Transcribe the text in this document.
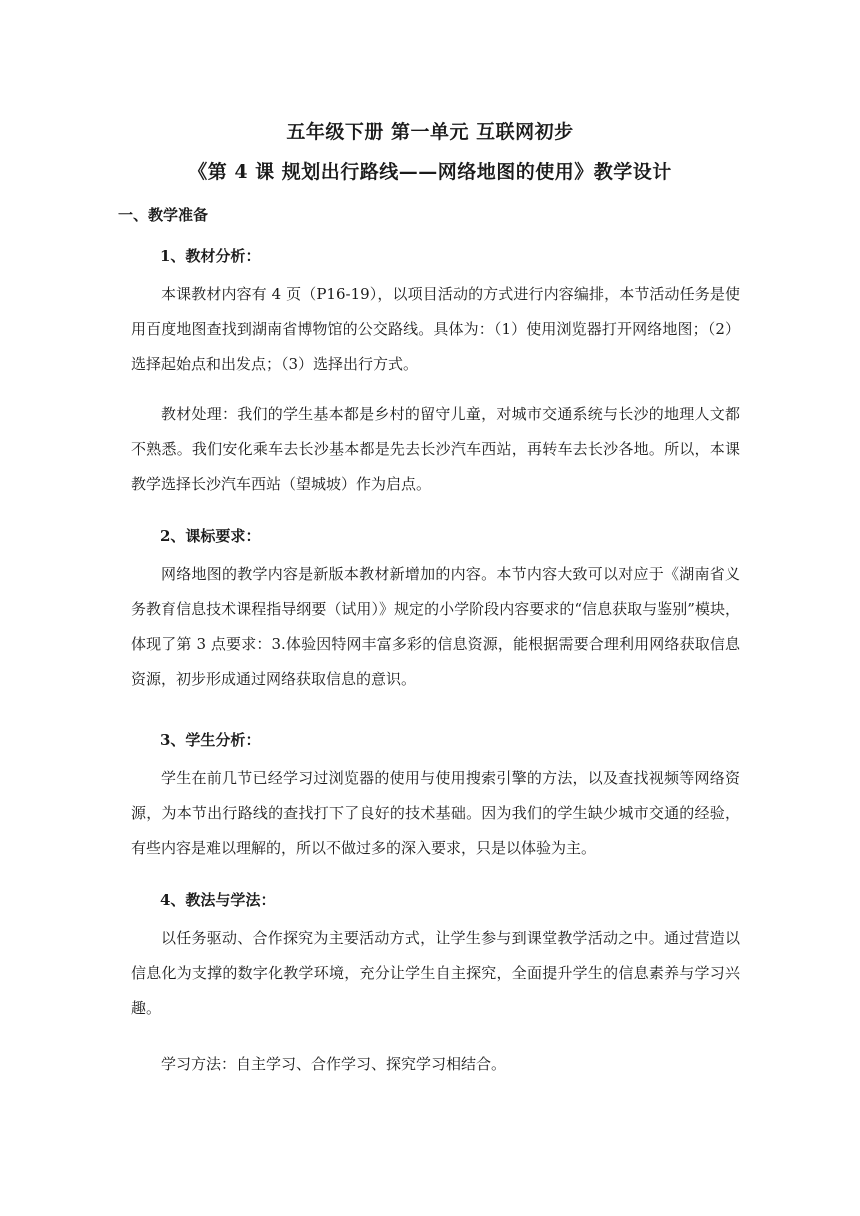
五年级下册 第一单元 互联网初步
《第 4 课 规划出行路线——网络地图的使用》教学设计
一、教学准备
1、教材分析：
本课教材内容有 4 页（P16-19），以项目活动的方式进行内容编排，本节活动任务是使用百度地图查找到湖南省博物馆的公交路线。具体为：（1）使用浏览器打开网络地图；（2）选择起始点和出发点；（3）选择出行方式。
教材处理：我们的学生基本都是乡村的留守儿童，对城市交通系统与长沙的地理人文都不熟悉。我们安化乘车去长沙基本都是先去长沙汽车西站，再转车去长沙各地。所以，本课教学选择长沙汽车西站（望城坡）作为启点。
2、课标要求：
网络地图的教学内容是新版本教材新增加的内容。本节内容大致可以对应于《湖南省义务教育信息技术课程指导纲要（试用）》规定的小学阶段内容要求的“信息获取与鉴别”模块，体现了第 3 点要求：3.体验因特网丰富多彩的信息资源，能根据需要合理利用网络获取信息资源，初步形成通过网络获取信息的意识。
3、学生分析：
学生在前几节已经学习过浏览器的使用与使用搜索引擎的方法，以及查找视频等网络资源，为本节出行路线的查找打下了良好的技术基础。因为我们的学生缺少城市交通的经验，有些内容是难以理解的，所以不做过多的深入要求，只是以体验为主。
4、教法与学法：
以任务驱动、合作探究为主要活动方式，让学生参与到课堂教学活动之中。通过营造以信息化为支撑的数字化教学环境，充分让学生自主探究，全面提升学生的信息素养与学习兴趣。
学习方法：自主学习、合作学习、探究学习相结合。
